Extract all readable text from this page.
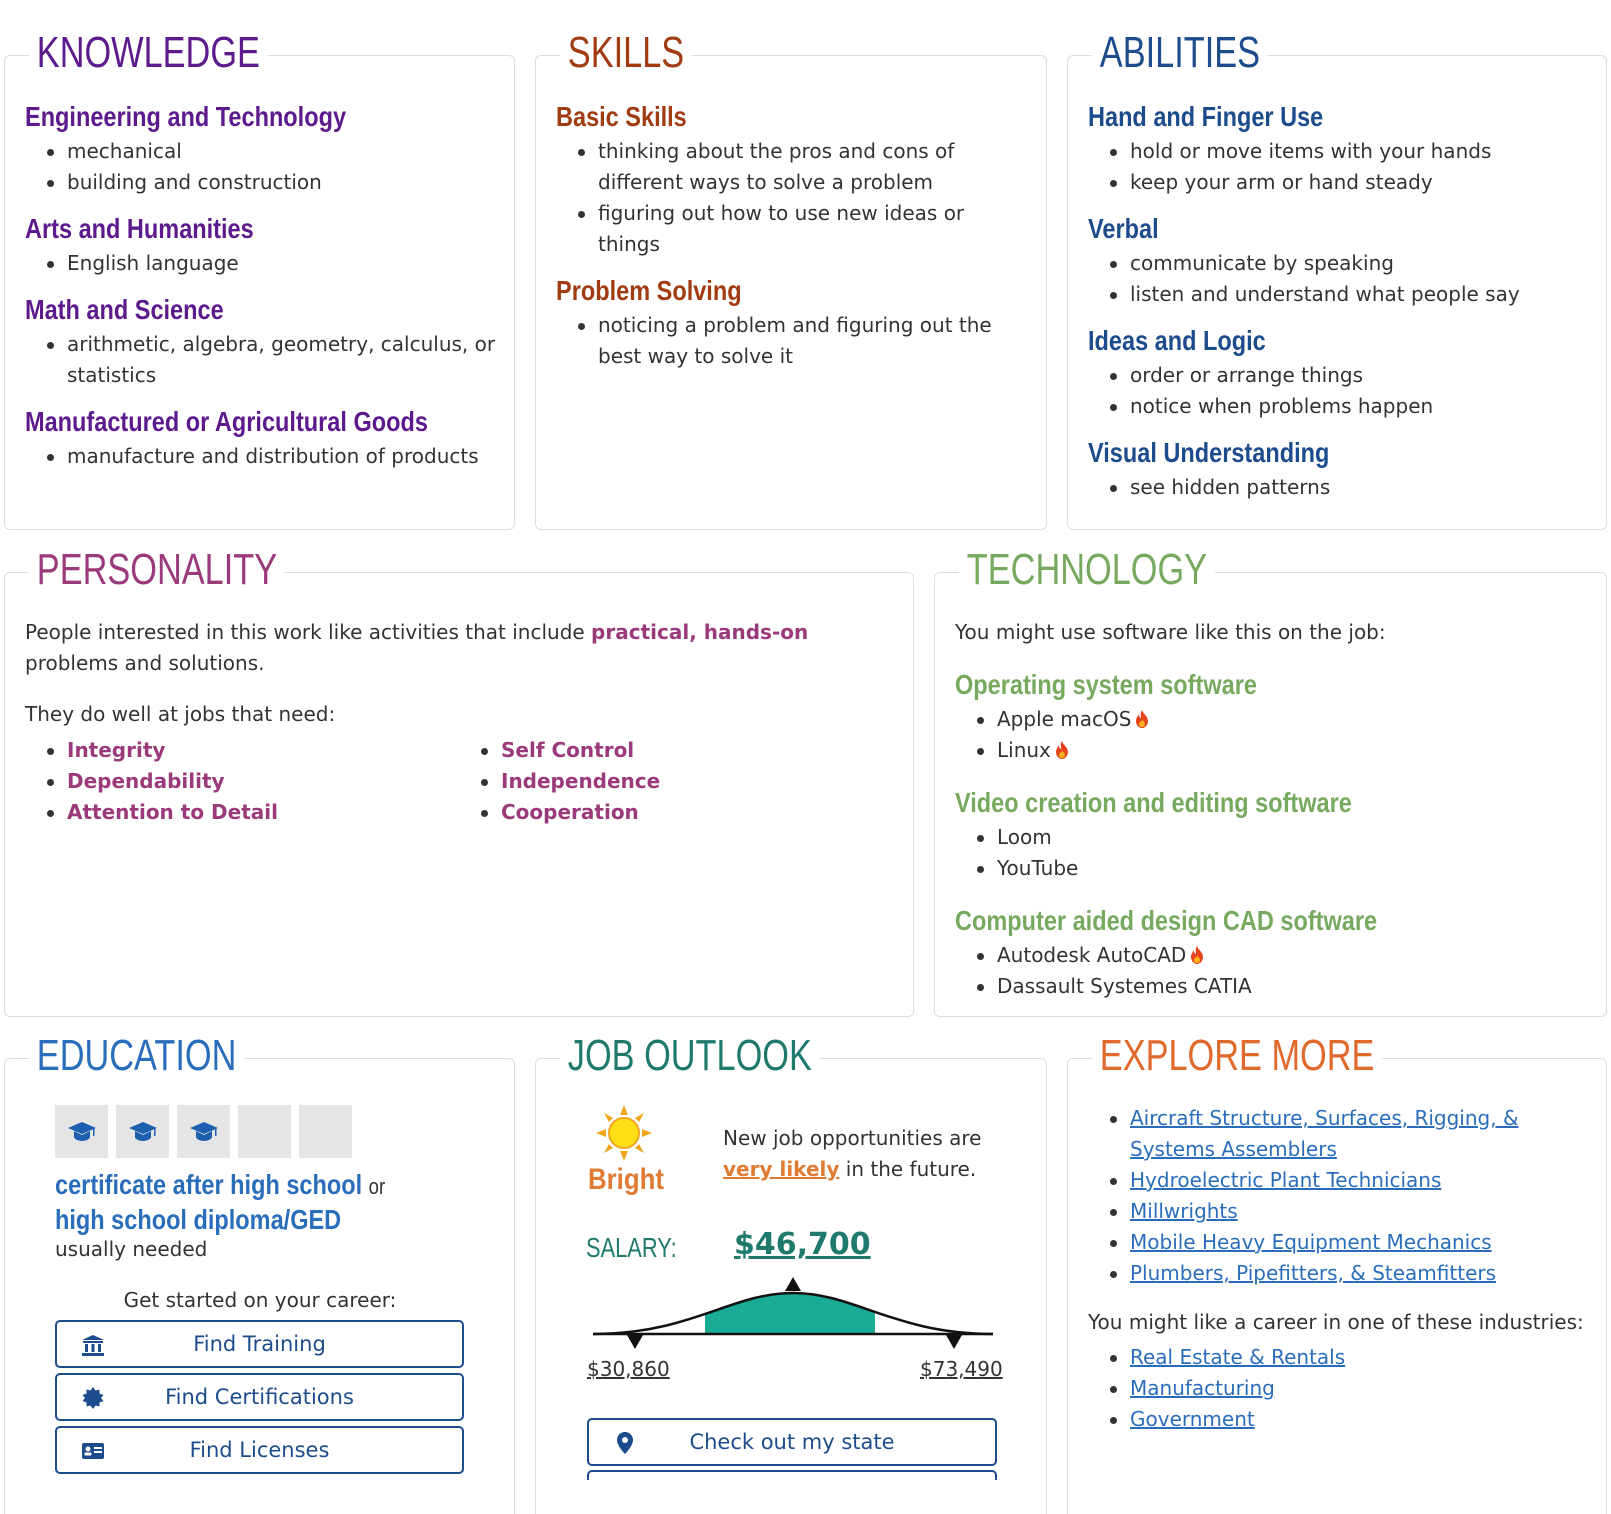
KNOWLEDGE
Engineering and Technology
mechanical
building and construction
Arts and Humanities
English language
Math and Science
arithmetic, algebra, geometry, calculus, or statistics
Manufactured or Agricultural Goods
manufacture and distribution of products
SKILLS
Basic Skills
thinking about the pros and cons of different ways to solve a problem
figuring out how to use new ideas or things
Problem Solving
noticing a problem and figuring out the best way to solve it
ABILITIES
Hand and Finger Use
hold or move items with your hands
keep your arm or hand steady
Verbal
communicate by speaking
listen and understand what people say
Ideas and Logic
order or arrange things
notice when problems happen
Visual Understanding
see hidden patterns
PERSONALITY

People interested in this work like activities that include practical, hands-on problems and solutions.

They do well at jobs that need:

Integrity
Dependability
Attention to Detail
Self Control
Independence
Cooperation
TECHNOLOGY

You might use software like this on the job:

Operating system software
Apple macOS
Linux
Video creation and editing software
Loom
YouTube
Computer aided design CAD software
Autodesk AutoCAD
Dassault Systemes CATIA
EDUCATION
certificate after high school or
high school diploma/GED

usually needed

Get started on your career:

Find Training
Find Certifications
Find Licenses
JOB OUTLOOK
Bright

New job opportunities are very likely in the future.

SALARY: $46,700
$30,860	$73,490
Check out my state
EXPLORE MORE
Aircraft Structure, Surfaces, Rigging, & Systems Assemblers
Hydroelectric Plant Technicians
Millwrights
Mobile Heavy Equipment Mechanics
Plumbers, Pipefitters, & Steamfitters

You might like a career in one of these industries:

Real Estate & Rentals
Manufacturing
Government
